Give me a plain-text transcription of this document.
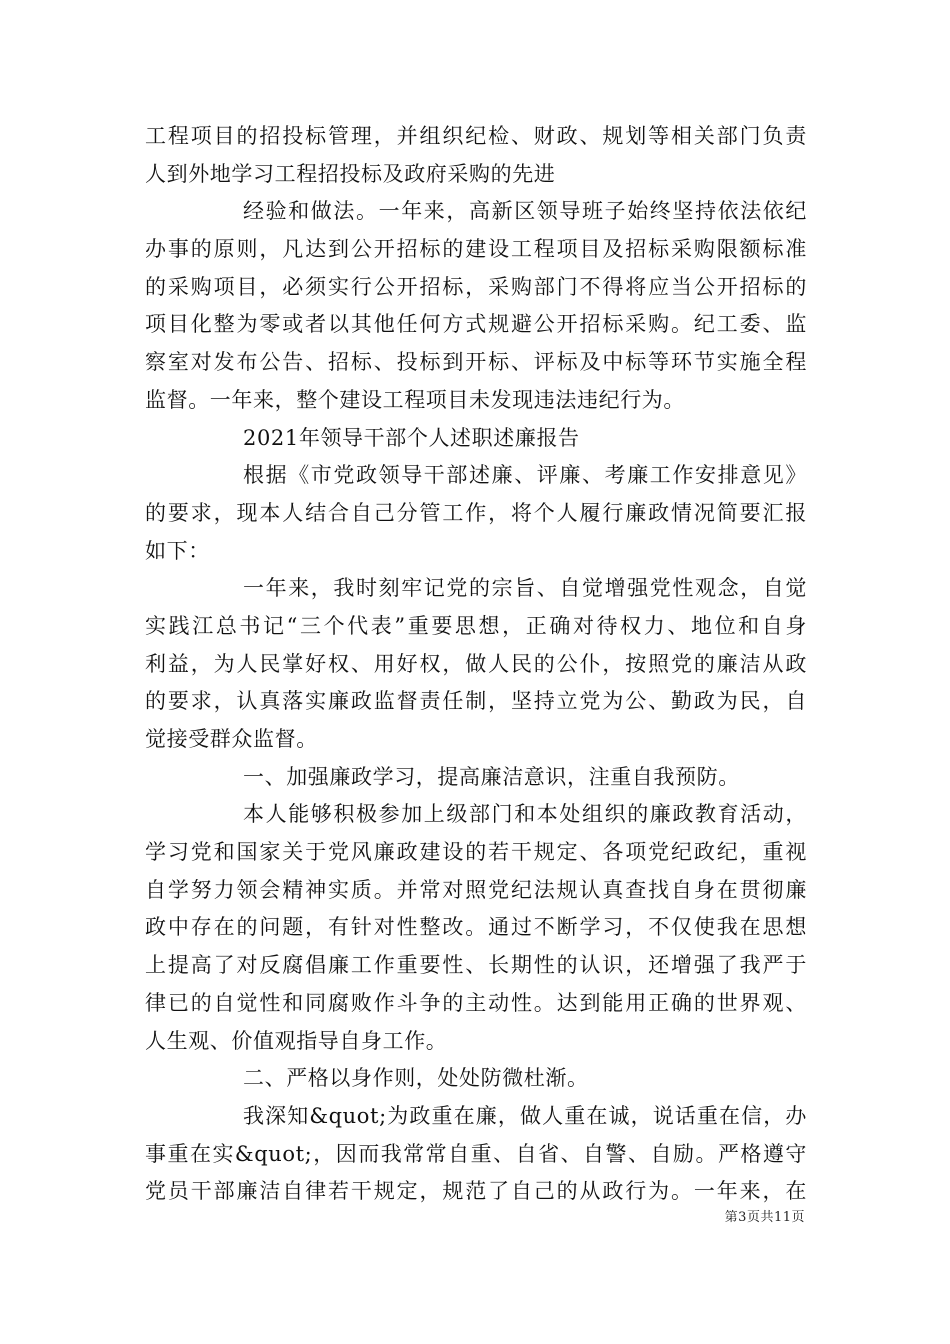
工程项目的招投标管理，并组织纪检、财政、规划等相关部门负责
人到外地学习工程招投标及政府采购的先进
经验和做法。一年来，高新区领导班子始终坚持依法依纪
办事的原则，凡达到公开招标的建设工程项目及招标采购限额标准
的采购项目，必须实行公开招标，采购部门不得将应当公开招标的
项目化整为零或者以其他任何方式规避公开招标采购。纪工委、监
察室对发布公告、招标、投标到开标、评标及中标等环节实施全程
监督。一年来，整个建设工程项目未发现违法违纪行为。
2021年领导干部个人述职述廉报告
根据《市党政领导干部述廉、评廉、考廉工作安排意见》
的要求，现本人结合自己分管工作，将个人履行廉政情况简要汇报
如下：
一年来，我时刻牢记党的宗旨、自觉增强党性观念，自觉
实践江总书记“三个代表”重要思想，正确对待权力、地位和自身
利益，为人民掌好权、用好权，做人民的公仆，按照党的廉洁从政
的要求，认真落实廉政监督责任制，坚持立党为公、勤政为民，自
觉接受群众监督。
一、加强廉政学习，提高廉洁意识，注重自我预防。
本人能够积极参加上级部门和本处组织的廉政教育活动，
学习党和国家关于党风廉政建设的若干规定、各项党纪政纪，重视
自学努力领会精神实质。并常对照党纪法规认真查找自身在贯彻廉
政中存在的问题，有针对性整改。通过不断学习，不仅使我在思想
上提高了对反腐倡廉工作重要性、长期性的认识，还增强了我严于
律已的自觉性和同腐败作斗争的主动性。达到能用正确的世界观、
人生观、价值观指导自身工作。
二、严格以身作则，处处防微杜渐。
我深知&quot;为政重在廉，做人重在诚，说话重在信，办
事重在实&quot;，因而我常常自重、自省、自警、自励。严格遵守
党员干部廉洁自律若干规定，规范了自己的从政行为。一年来，在
第3页共11页
